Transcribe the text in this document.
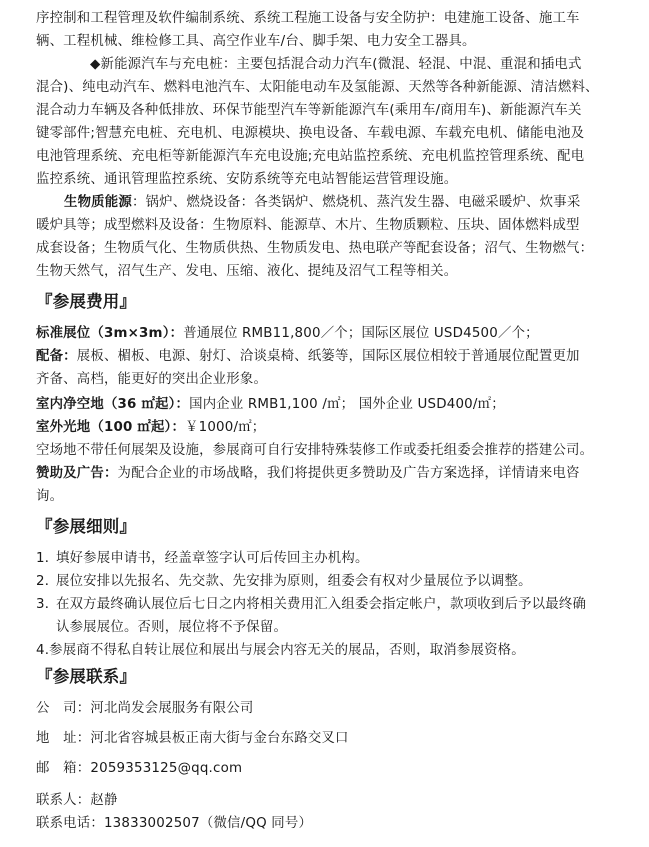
序控制和工程管理及软件编制系统、系统工程施工设备与安全防护：电建施工设备、施工车
辆、工程机械、维检修工具、高空作业车/台、脚手架、电力安全工器具。
◆新能源汽车与充电桩：主要包括混合动力汽车(微混、轻混、中混、重混和插电式
混合)、纯电动汽车、燃料电池汽车、太阳能电动车及氢能源、天然等各种新能源、清洁燃料、
混合动力车辆及各种低排放、环保节能型汽车等新能源汽车(乘用车/商用车)、新能源汽车关
键零部件;智慧充电桩、充电机、电源模块、换电设备、车载电源、车载充电机、储能电池及
电池管理系统、充电柜等新能源汽车充电设施;充电站监控系统、充电机监控管理系统、配电
监控系统、通讯管理监控系统、安防系统等充电站智能运营管理设施。
生物质能源：锅炉、燃烧设备：各类锅炉、燃烧机、蒸汽发生器、电磁采暖炉、炊事采
暖炉具等；成型燃料及设备：生物原料、能源草、木片、生物质颗粒、压块、固体燃料成型
成套设备；生物质气化、生物质供热、生物质发电、热电联产等配套设备；沼气、生物燃气：
生物天然气，沼气生产、发电、压缩、液化、提纯及沼气工程等相关。
『参展费用』
标准展位（3m×3m）：普通展位 RMB11,800／个；国际区展位 USD4500／个；
配备：展板、楣板、电源、射灯、洽谈桌椅、纸篓等，国际区展位相较于普通展位配置更加
齐备、高档，能更好的突出企业形象。
室内净空地（36 ㎡起）：国内企业 RMB1,100 /㎡； 国外企业 USD400/㎡；
室外光地（100 ㎡起）：￥1000/㎡；
空场地不带任何展架及设施，参展商可自行安排特殊装修工作或委托组委会推荐的搭建公司。
赞助及广告：为配合企业的市场战略，我们将提供更多赞助及广告方案选择，详情请来电咨
询。
『参展细则』
1．填好参展申请书，经盖章签字认可后传回主办机构。
2．展位安排以先报名、先交款、先安排为原则，组委会有权对少量展位予以调整。
3．在双方最终确认展位后七日之内将相关费用汇入组委会指定帐户，款项收到后予以最终确
认参展展位。否则，展位将不予保留。
4.参展商不得私自转让展位和展出与展会内容无关的展品，否则，取消参展资格。
『参展联系』
公　司：河北尚发会展服务有限公司
地　址：河北省容城县板正南大街与金台东路交叉口
邮　箱：2059353125@qq.com
联系人：赵静
联系电话：13833002507（微信/QQ 同号）
